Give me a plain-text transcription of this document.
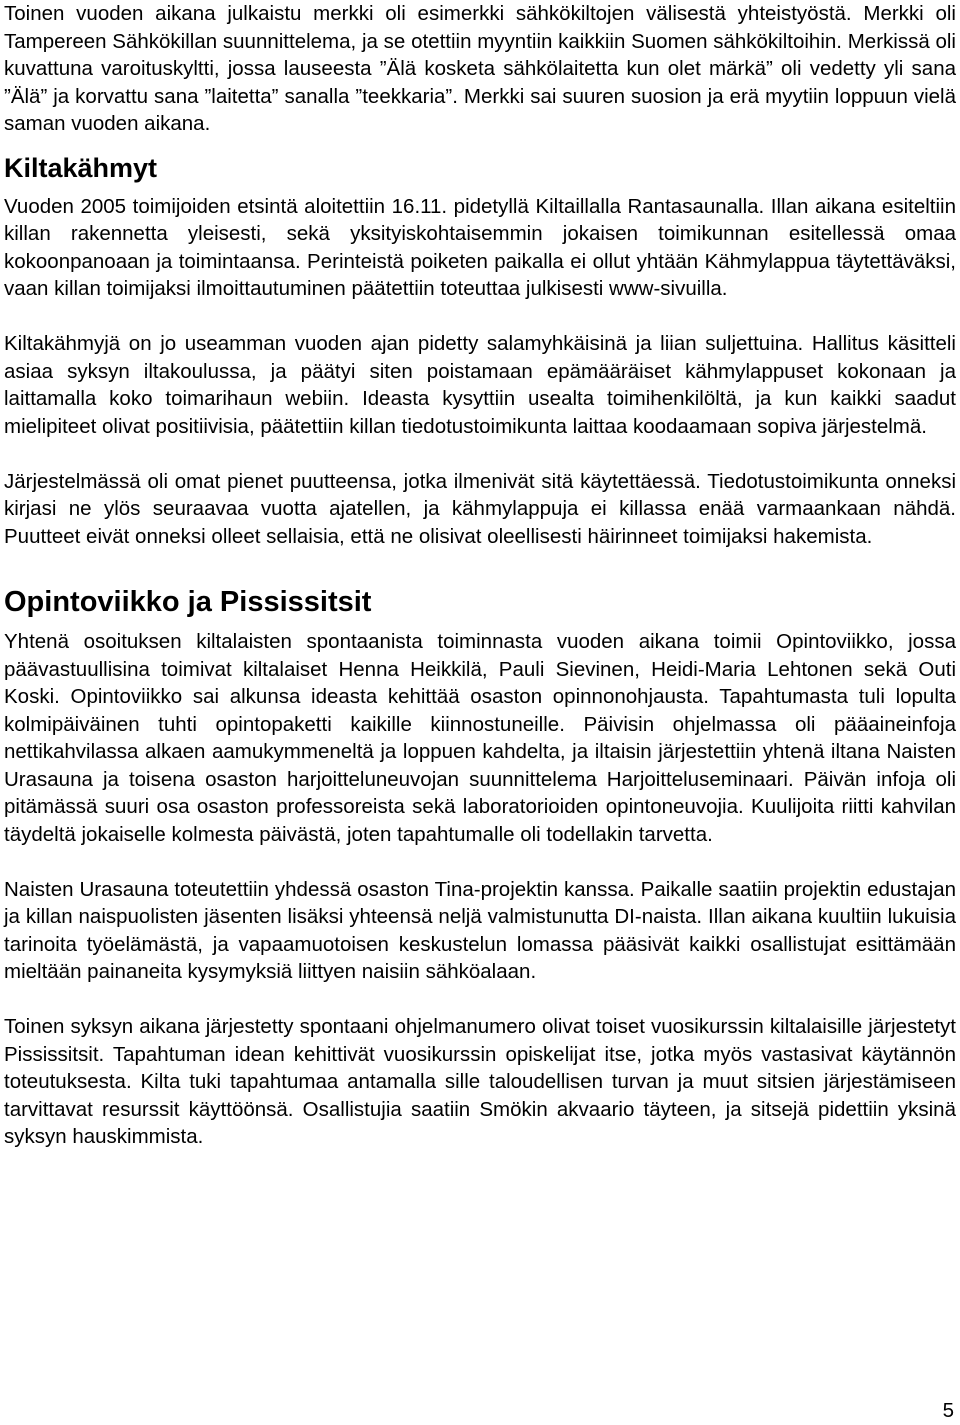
Toinen vuoden aikana julkaistu merkki oli esimerkki sähkökiltojen välisestä yhteistyöstä. Merkki oli Tampereen Sähkökillan suunnittelema, ja se otettiin myyntiin kaikkiin Suomen sähkökiltoihin. Merkissä oli kuvattuna varoituskyltti, jossa lauseesta ”Älä kosketa sähkölaitetta kun olet märkä” oli vedetty yli sana ”Älä” ja korvattu sana ”laitetta” sanalla ”teekkaria”. Merkki sai suuren suosion ja erä myytiin loppuun vielä saman vuoden aikana.

Kiltakähmyt

Vuoden 2005 toimijoiden etsintä aloitettiin 16.11. pidetyllä Kiltaillalla Rantasaunalla. Illan aikana esiteltiin killan rakennetta yleisesti, sekä yksityiskohtaisemmin jokaisen toimikunnan esitellessä omaa kokoonpanoaan ja toimintaansa. Perinteistä poiketen paikalla ei ollut yhtään Kähmylappua täytettäväksi, vaan killan toimijaksi ilmoittautuminen päätettiin toteuttaa julkisesti www-sivuilla.

Kiltakähmyjä on jo useamman vuoden ajan pidetty salamyhkäisinä ja liian suljettuina. Hallitus käsitteli asiaa syksyn iltakoulussa, ja päätyi siten poistamaan epämääräiset kähmylappuset kokonaan ja laittamalla koko toimarihaun webiin. Ideasta kysyttiin usealta toimihenkilöltä, ja kun kaikki saadut mielipiteet olivat positiivisia, päätettiin killan tiedotustoimikunta laittaa koodaamaan sopiva järjestelmä.

Järjestelmässä oli omat pienet puutteensa, jotka ilmenivät sitä käytettäessä. Tiedotustoimikunta onneksi kirjasi ne ylös seuraavaa vuotta ajatellen, ja kähmylappuja ei killassa enää varmaankaan nähdä. Puutteet eivät onneksi olleet sellaisia, että ne olisivat oleellisesti häirinneet toimijaksi hakemista.

Opintoviikko ja Pississitsit

Yhtenä osoituksen kiltalaisten spontaanista toiminnasta vuoden aikana toimii Opintoviikko, jossa päävastuullisina toimivat kiltalaiset Henna Heikkilä, Pauli Sievinen, Heidi-Maria Lehtonen sekä Outi Koski. Opintoviikko sai alkunsa ideasta kehittää osaston opinnonohjausta. Tapahtumasta tuli lopulta kolmipäiväinen tuhti opintopaketti kaikille kiinnostuneille. Päivisin ohjelmassa oli pääaineinfoja nettikahvilassa alkaen aamukymmeneltä ja loppuen kahdelta, ja iltaisin järjestettiin yhtenä iltana Naisten Urasauna ja toisena osaston harjoitteluneuvojan suunnittelema Harjoitteluseminaari. Päivän infoja oli pitämässä suuri osa osaston professoreista sekä laboratorioiden opintoneuvojia. Kuulijoita riitti kahvilan täydeltä jokaiselle kolmesta päivästä, joten tapahtumalle oli todellakin tarvetta.

Naisten Urasauna toteutettiin yhdessä osaston Tina-projektin kanssa. Paikalle saatiin projektin edustajan ja killan naispuolisten jäsenten lisäksi yhteensä neljä valmistunutta DI-naista. Illan aikana kuultiin lukuisia tarinoita työelämästä, ja vapaamuotoisen keskustelun lomassa pääsivät kaikki osallistujat esittämään mieltään painaneita kysymyksiä liittyen naisiin sähköalaan.

Toinen syksyn aikana järjestetty spontaani ohjelmanumero olivat toiset vuosikurssin kiltalaisille järjestetyt Pississitsit. Tapahtuman idean kehittivät vuosikurssin opiskelijat itse, jotka myös vastasivat käytännön toteutuksesta. Kilta tuki tapahtumaa antamalla sille taloudellisen turvan ja muut sitsien järjestämiseen tarvittavat resurssit käyttöönsä. Osallistujia saatiin Smökin akvaario täyteen, ja sitsejä pidettiin yksinä syksyn hauskimmista.

5
